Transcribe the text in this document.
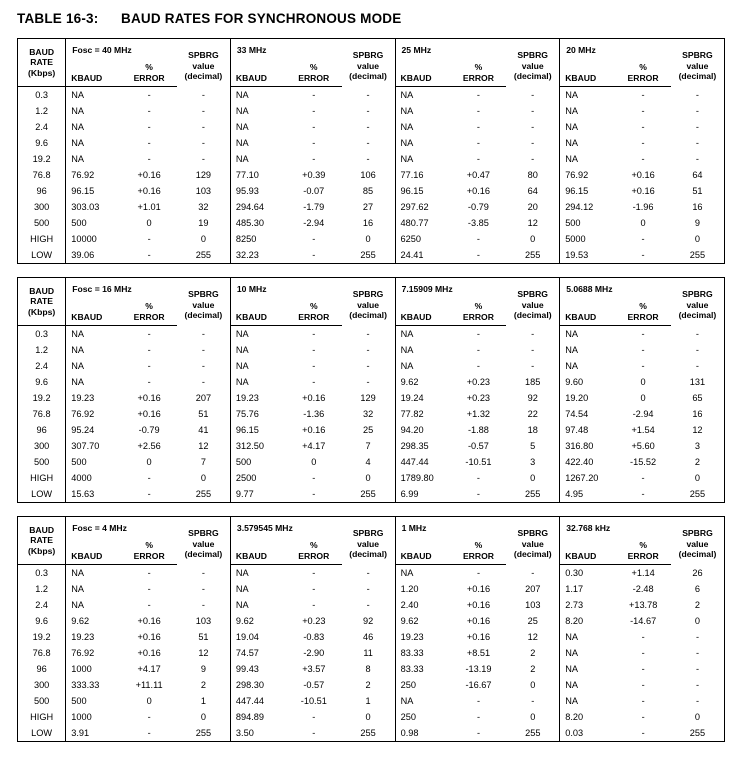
TABLE 16-3: BAUD RATES FOR SYNCHRONOUS MODE
BAUD
RATE
(Kbps)	Fosc = 40 MHz		SPBRG
value
(decimal)	33 MHz		SPBRG
value
(decimal)	25 MHz		SPBRG
value
(decimal)	20 MHz		SPBRG
value
(decimal)
	KBAUD	%
ERROR		KBAUD	%
ERROR		KBAUD	%
ERROR		KBAUD	%
ERROR	
0.3	NA	-	-	NA	-	-	NA	-	-	NA	-	-
1.2	NA	-	-	NA	-	-	NA	-	-	NA	-	-
2.4	NA	-	-	NA	-	-	NA	-	-	NA	-	-
9.6	NA	-	-	NA	-	-	NA	-	-	NA	-	-
19.2	NA	-	-	NA	-	-	NA	-	-	NA	-	-
76.8	76.92	+0.16	129	77.10	+0.39	106	77.16	+0.47	80	76.92	+0.16	64
96	96.15	+0.16	103	95.93	-0.07	85	96.15	+0.16	64	96.15	+0.16	51
300	303.03	+1.01	32	294.64	-1.79	27	297.62	-0.79	20	294.12	-1.96	16
500	500	0	19	485.30	-2.94	16	480.77	-3.85	12	500	0	9
HIGH	10000	-	0	8250	-	0	6250	-	0	5000	-	0
LOW	39.06	-	255	32.23	-	255	24.41	-	255	19.53	-	255
BAUD
RATE
(Kbps)	Fosc = 16 MHz		SPBRG
value
(decimal)	10 MHz		SPBRG
value
(decimal)	7.15909 MHz		SPBRG
value
(decimal)	5.0688 MHz		SPBRG
value
(decimal)
	KBAUD	%
ERROR		KBAUD	%
ERROR		KBAUD	%
ERROR		KBAUD	%
ERROR	
0.3	NA	-	-	NA	-	-	NA	-	-	NA	-	-
1.2	NA	-	-	NA	-	-	NA	-	-	NA	-	-
2.4	NA	-	-	NA	-	-	NA	-	-	NA	-	-
9.6	NA	-	-	NA	-	-	9.62	+0.23	185	9.60	0	131
19.2	19.23	+0.16	207	19.23	+0.16	129	19.24	+0.23	92	19.20	0	65
76.8	76.92	+0.16	51	75.76	-1.36	32	77.82	+1.32	22	74.54	-2.94	16
96	95.24	-0.79	41	96.15	+0.16	25	94.20	-1.88	18	97.48	+1.54	12
300	307.70	+2.56	12	312.50	+4.17	7	298.35	-0.57	5	316.80	+5.60	3
500	500	0	7	500	0	4	447.44	-10.51	3	422.40	-15.52	2
HIGH	4000	-	0	2500	-	0	1789.80	-	0	1267.20	-	0
LOW	15.63	-	255	9.77	-	255	6.99	-	255	4.95	-	255
BAUD
RATE
(Kbps)	Fosc = 4 MHz		SPBRG
value
(decimal)	3.579545 MHz		SPBRG
value
(decimal)	1 MHz		SPBRG
value
(decimal)	32.768 kHz		SPBRG
value
(decimal)
	KBAUD	%
ERROR		KBAUD	%
ERROR		KBAUD	%
ERROR		KBAUD	%
ERROR	
0.3	NA	-	-	NA	-	-	NA	-	-	0.30	+1.14	26
1.2	NA	-	-	NA	-	-	1.20	+0.16	207	1.17	-2.48	6
2.4	NA	-	-	NA	-	-	2.40	+0.16	103	2.73	+13.78	2
9.6	9.62	+0.16	103	9.62	+0.23	92	9.62	+0.16	25	8.20	-14.67	0
19.2	19.23	+0.16	51	19.04	-0.83	46	19.23	+0.16	12	NA	-	-
76.8	76.92	+0.16	12	74.57	-2.90	11	83.33	+8.51	2	NA	-	-
96	1000	+4.17	9	99.43	+3.57	8	83.33	-13.19	2	NA	-	-
300	333.33	+11.11	2	298.30	-0.57	2	250	-16.67	0	NA	-	-
500	500	0	1	447.44	-10.51	1	NA	-	-	NA	-	-
HIGH	1000	-	0	894.89	-	0	250	-	0	8.20	-	0
LOW	3.91	-	255	3.50	-	255	0.98	-	255	0.03	-	255
